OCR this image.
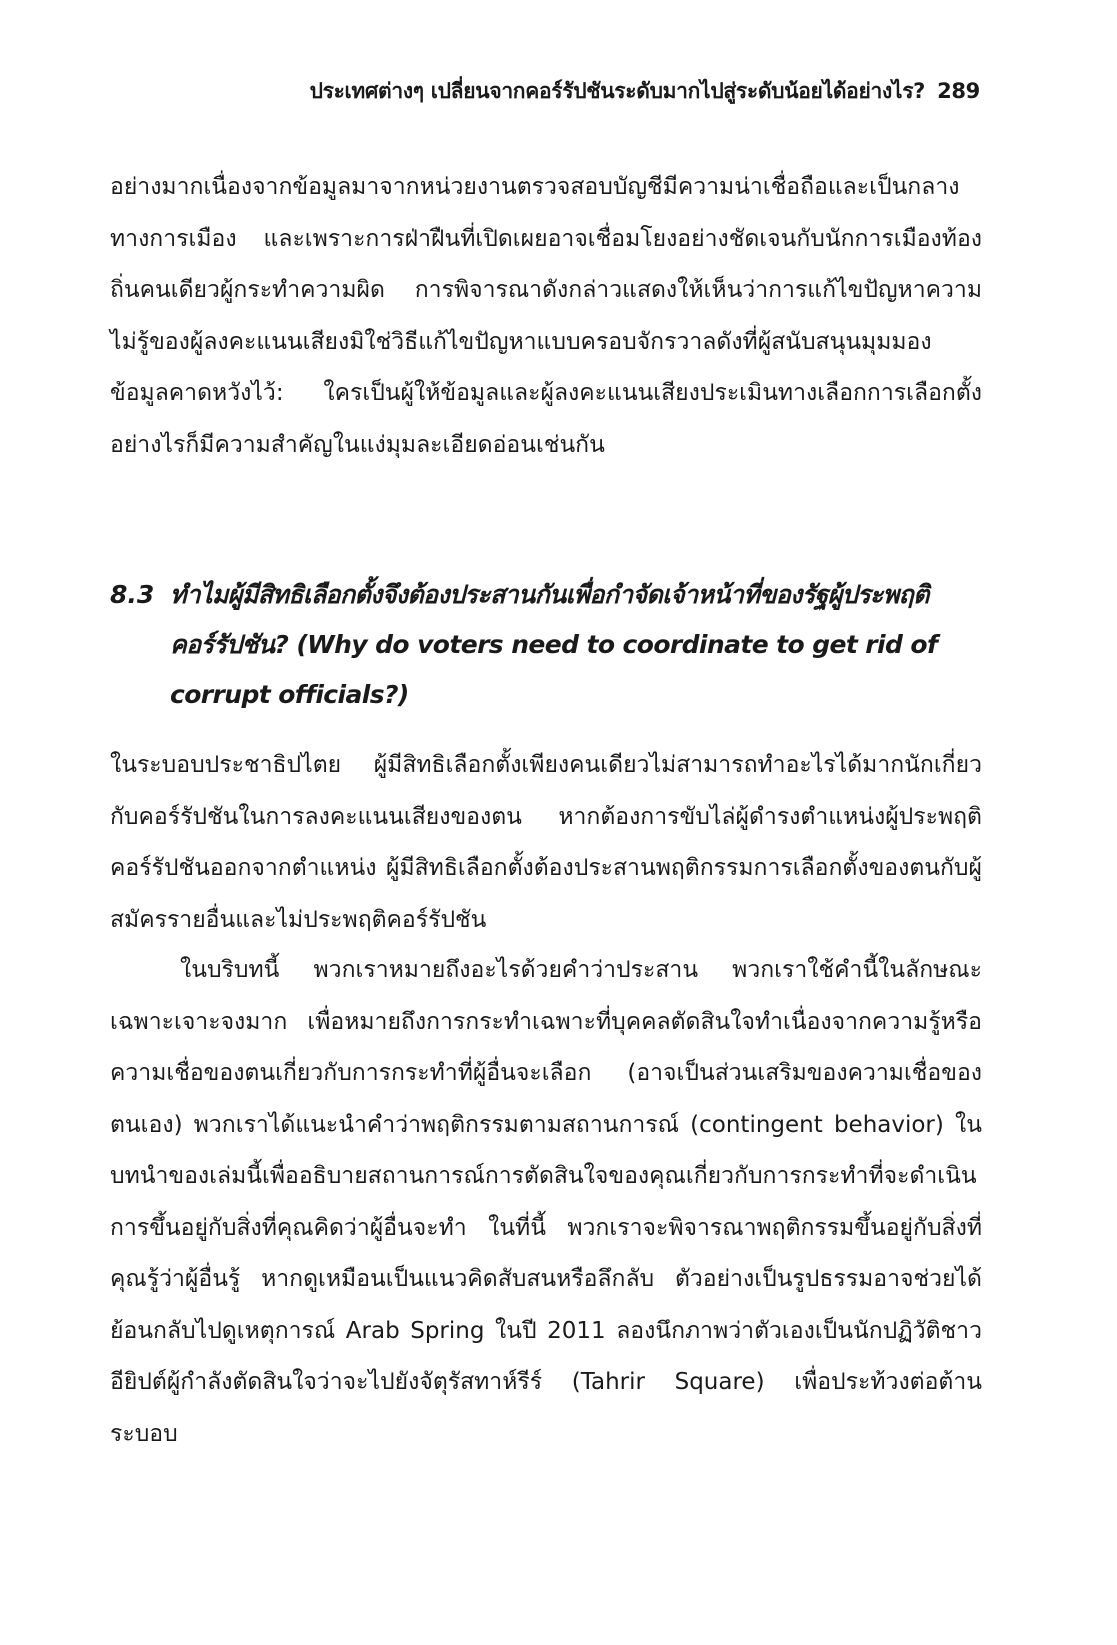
ประเทศต่างๆ เปลี่ยนจากคอร์รัปชันระดับมากไปสู่ระดับน้อยได้อย่างไร? 289

อย่างมากเนื่องจากข้อมูลมาจากหน่วยงานตรวจสอบบัญชีมีความน่าเชื่อถือและเป็นกลางทางการเมือง และเพราะการฝ่าฝืนที่เปิดเผยอาจเชื่อมโยงอย่างชัดเจนกับนักการเมืองท้องถิ่นคนเดียวผู้กระทำความผิด การพิจารณาดังกล่าวแสดงให้เห็นว่าการแก้ไขปัญหาความไม่รู้ของผู้ลงคะแนนเสียงมิใช่วิธีแก้ไขปัญหาแบบครอบจักรวาลดังที่ผู้สนับสนุนมุมมองข้อมูลคาดหวังไว้: ใครเป็นผู้ให้ข้อมูลและผู้ลงคะแนนเสียงประเมินทางเลือกการเลือกตั้งอย่างไรก็มีความสำคัญในแง่มุมละเอียดอ่อนเช่นกัน

8.3 ทำไมผู้มีสิทธิเลือกตั้งจึงต้องประสานกันเพื่อกำจัดเจ้าหน้าที่ของรัฐผู้ประพฤติคอร์รัปชัน? (Why do voters need to coordinate to get rid of corrupt officials?)

ในระบอบประชาธิปไตย ผู้มีสิทธิเลือกตั้งเพียงคนเดียวไม่สามารถทำอะไรได้มากนักเกี่ยวกับคอร์รัปชันในการลงคะแนนเสียงของตน หากต้องการขับไล่ผู้ดำรงตำแหน่งผู้ประพฤติคอร์รัปชันออกจากตำแหน่ง ผู้มีสิทธิเลือกตั้งต้องประสานพฤติกรรมการเลือกตั้งของตนกับผู้สมัครรายอื่นและไม่ประพฤติคอร์รัปชัน

ในบริบทนี้ พวกเราหมายถึงอะไรด้วยคำว่าประสาน พวกเราใช้คำนี้ในลักษณะเฉพาะเจาะจงมาก เพื่อหมายถึงการกระทำเฉพาะที่บุคคลตัดสินใจทำเนื่องจากความรู้หรือความเชื่อของตนเกี่ยวกับการกระทำที่ผู้อื่นจะเลือก (อาจเป็นส่วนเสริมของความเชื่อของตนเอง) พวกเราได้แนะนำคำว่าพฤติกรรมตามสถานการณ์ (contingent behavior) ในบทนำของเล่มนี้เพื่ออธิบายสถานการณ์การตัดสินใจของคุณเกี่ยวกับการกระทำที่จะดำเนินการขึ้นอยู่กับสิ่งที่คุณคิดว่าผู้อื่นจะทำ ในที่นี้ พวกเราจะพิจารณาพฤติกรรมขึ้นอยู่กับสิ่งที่คุณรู้ว่าผู้อื่นรู้ หากดูเหมือนเป็นแนวคิดสับสนหรือลึกลับ ตัวอย่างเป็นรูปธรรมอาจช่วยได้ ย้อนกลับไปดูเหตุการณ์ Arab Spring ในปี 2011 ลองนึกภาพว่าตัวเองเป็นนักปฏิวัติชาวอียิปต์ผู้กำลังตัดสินใจว่าจะไปยังจัตุรัสทาห์รีร์ (Tahrir Square) เพื่อประท้วงต่อต้านระบอบ
